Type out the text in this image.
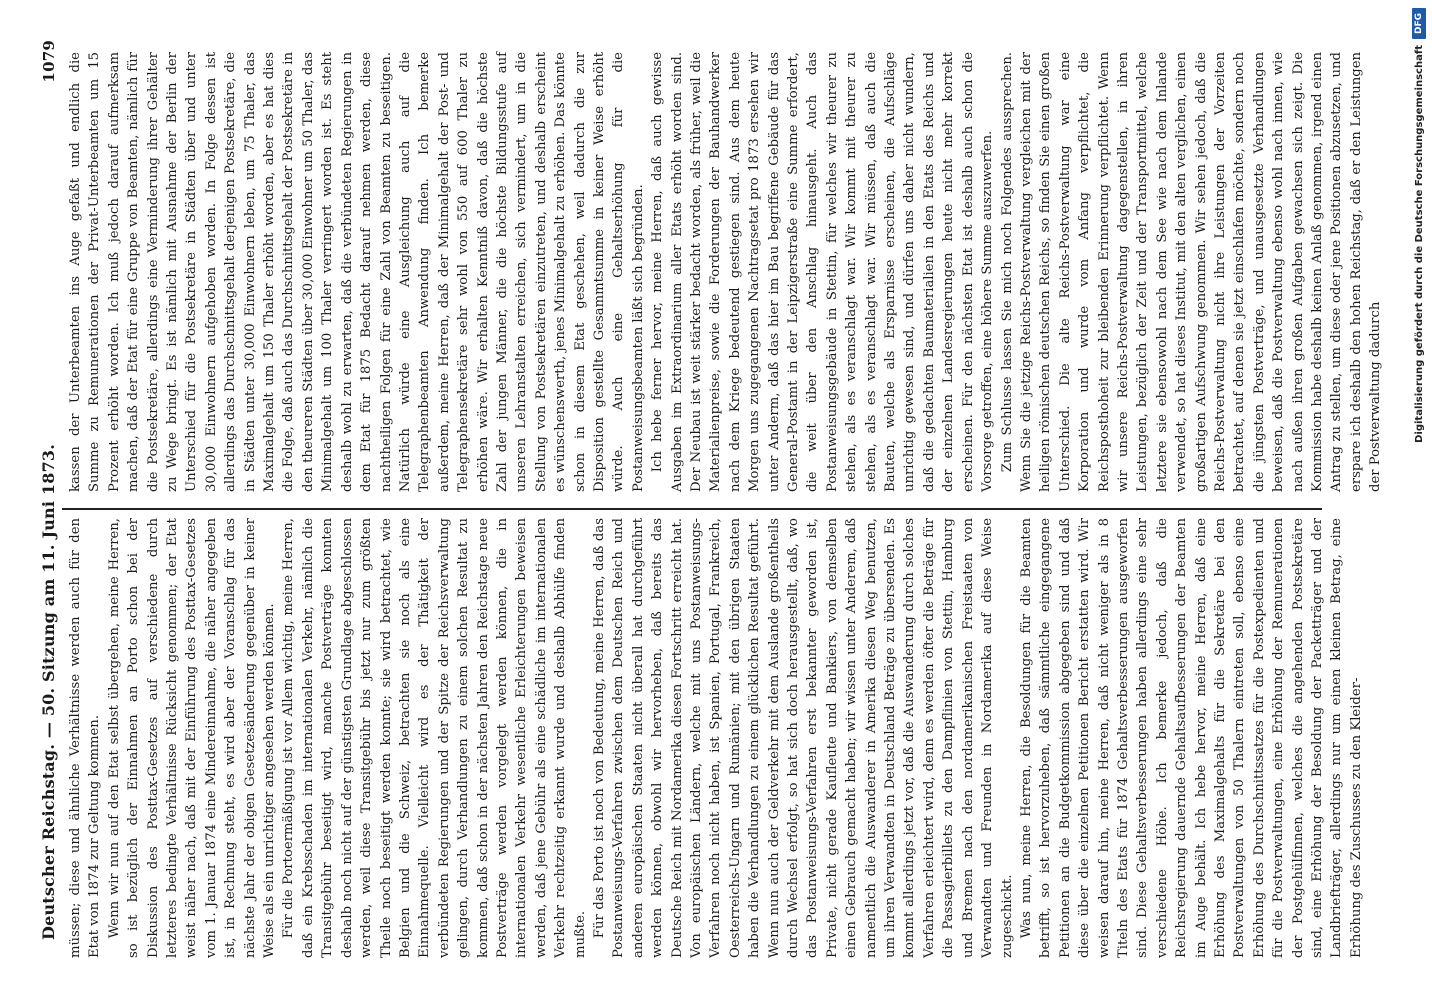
Deutscher Reichstag. — 50. Sitzung am 11. Juni 1873.
1079

müssen; diese und ähnliche Verhältnisse werden auch für den Etat von 1874 zur Geltung kommen. Wenn wir nun auf den Etat selbst übergehen, meine Herren, so ist bezüglich der Einnahmen an Porto schon bei der Diskussion des Posttax-Gesetzes auf verschiedene durch letzteres bedingte Verhältnisse Rücksicht genommen; der Etat weist näher nach, daß mit der Einführung des Posttax-Gesetzes vom 1. Januar 1874 eine Mindereinnahme, die näher angegeben ist, in Rechnung steht, es wird aber der Voranschlag für das nächste Jahr der obigen Gesetzesänderung gegenüber in keiner Weise als ein unrichtiger angesehen werden können. Für die Portoermäßigung ist vor Allem wichtig, meine Herren, daß ein Krebsschaden im internationalen Verkehr, nämlich die Transitgebühr beseitigt wird, manche Postverträge konnten deshalb noch nicht auf der günstigsten Grundlage abgeschlossen werden, weil diese Transitgebühr bis jetzt nur zum größten Theile noch beseitigt werden konnte; sie wird betrachtet, wie Belgien und die Schweiz, betrachten sie noch als eine Einnahmequelle. Vielleicht wird es der Thätigkeit der verbündeten Regierungen und der Spitze der Reichsverwaltung gelingen, durch Verhandlungen zu einem solchen Resultat zu kommen, daß schon in der nächsten Jahren den Reichstage neue Postverträge werden vorgelegt werden können, die in internationalen Verkehr wesentliche Erleichterungen beweisen werden, daß jene Gebühr als eine schädliche im internationalen Verkehr rechtzeitig erkannt wurde und deshalb Abhülfe finden mußte. Für das Porto ist noch von Bedeutung, meine Herren, daß das Postanweisungs-Verfahren zwischen dem Deutschen Reich und anderen europäischen Staaten nicht überall hat durchgeführt werden können, obwohl wir hervorheben, daß bereits das Deutsche Reich mit Nordamerika diesen Fortschritt erreicht hat. Von europäischen Ländern, welche mit uns Postanweisungs-Verfahren noch nicht haben, ist Spanien, Portugal, Frankreich, Oesterreichs-Ungarn und Rumänien; mit den übrigen Staaten haben die Verhandlungen zu einem glücklichen Resultat geführt. Wenn nun auch der Geldverkehr mit dem Auslande großentheils durch Wechsel erfolgt, so hat sich doch herausgestellt, daß, wo das Postanweisungs-Verfahren erst bekannter geworden ist, Private, nicht gerade Kaufleute und Bankiers, von demselben einen Gebrauch gemacht haben; wir wissen unter Anderem, daß namentlich die Auswanderer in Amerika diesen Weg benutzen, um ihren Verwandten in Deutschland Beträge zu übersenden. Es kommt allerdings jetzt vor, daß die Auswanderung durch solches Verfahren erleichtert wird, denn es werden öfter die Beträge für die Passagierbillets zu den Dampflinien von Stettin, Hamburg und Bremen nach den nordamerikanischen Freistaaten von Verwandten und Freunden in Nordamerika auf diese Weise zugeschickt. Was nun, meine Herren, die Besoldungen für die Beamten betrifft, so ist hervorzuheben, daß sämmtliche eingegangene Petitionen an die Budgetkommission abgegeben sind und daß diese über die einzelnen Petitionen Bericht erstatten wird. Wir weisen darauf hin, meine Herren, daß nicht weniger als in 8 Titeln des Etats für 1874 Gehaltsverbesserungen ausgeworfen sind. Diese Gehaltsverbesserungen haben allerdings eine sehr verschiedene Höhe. Ich bemerke jedoch, daß die Reichsregierung dauernde Gehaltsaufbesserungen der Beamten im Auge behält. Ich hebe hervor, meine Herren, daß eine Erhöhung des Maximalgehalts für die Sekretäre bei den Postverwaltungen von 50 Thalern eintreten soll, ebenso eine Erhöhung des Durchschnittssatzes für die Postexpedienten und für die Postverwaltungen, eine Erhöhung der Remunerationen der Postgehülfinnen, welches die angehenden Postsekretäre sind, eine Erhöhung der Besoldung der Packetträger und der Landbriefträger, allerdings nur um einen kleinen Betrag, eine Erhöhung des Zuschusses zu den Kleider-

kassen der Unterbeamten ins Auge gefaßt und endlich die Summe zu Remunerationen der Privat-Unterbeamten um 15 Prozent erhöht worden. Ich muß jedoch darauf aufmerksam machen, daß der Etat für eine Gruppe von Beamten, nämlich für die Postsekretäre, allerdings eine Verminderung ihrer Gehälter zu Wege bringt. Es ist nämlich mit Ausnahme der Berlin der Unterschied für die Postsekretäre in Städten über und unter 30,000 Einwohnern aufgehoben worden. In Folge dessen ist allerdings das Durchschnittsgehalt derjenigen Postsekretäre, die in Städten unter 30,000 Einwohnern leben, um 75 Thaler, das Maximalgehalt um 150 Thaler erhöht worden, aber es hat dies die Folge, daß auch das Durchschnittsgehalt der Postsekretäre in den theureren Städten über 30,000 Einwohner um 50 Thaler, das Minimalgehalt um 100 Thaler verringert worden ist. Es steht deshalb wohl zu erwarten, daß die verbündeten Regierungen in dem Etat für 1875 Bedacht darauf nehmen werden, diese nachtheiligen Folgen für eine Zahl von Beamten zu beseitigen. Natürlich würde eine Ausgleichung auch auf die Telegraphenbeamten Anwendung finden. Ich bemerke außerdem, meine Herren, daß der Minimalgehalt der Post- und Telegraphensekretäre sehr wohl von 550 auf 600 Thaler zu erhöhen wäre. Wir erhalten Kenntniß davon, daß die höchste Zahl der jungen Männer, die die höchste Bildungsstufe auf unseren Lehranstalten erreichen, sich vermindert, um in die Stellung von Postsekretären einzutreten, und deshalb erscheint es wünschenswerth, jenes Minimalgehalt zu erhöhen. Das könnte schon in diesem Etat geschehen, weil dadurch die zur Disposition gestellte Gesammtsumme in keiner Weise erhöht würde. Auch eine Gehaltserhöhung für die Postanweisungsbeamten läßt sich begründen. Ich hebe ferner hervor, meine Herren, daß auch gewisse Ausgaben im Extraordinarium aller Etats erhöht worden sind. Der Neubau ist weit stärker bedacht worden, als früher, weil die Materialienpreise, sowie die Forderungen der Bauhandwerker nach dem Kriege bedeutend gestiegen sind. Aus dem heute Morgen uns zugegangenen Nachtragsetat pro 1873 ersehen wir unter Anderm, daß das hier im Bau begriffene Gebäude für das General-Postamt in der Leipzigerstraße eine Summe erfordert, die weit über den Anschlag hinausgeht. Auch das Postanweisungsgebäude in Stettin, für welches wir theurer zu stehen, als es veranschlagt war. Wir kommt mit theurer zu stehen, als es veranschlagt war. Wir müssen, daß auch die Bauten, welche als Ersparnisse erscheinen, die Aufschläge unrichtig gewesen sind, und dürfen uns daher nicht wundern, daß die gedachten Baumaterialien in den Etats des Reichs und der einzelnen Landesregierungen heute nicht mehr korrekt erscheinen. Für den nächsten Etat ist deshalb auch schon die Vorsorge getroffen, eine höhere Summe auszuwerfen. Zum Schlusse lassen Sie mich noch Folgendes aussprechen. Wenn Sie die jetzige Reichs-Postverwaltung vergleichen mit der heiligen römischen deutschen Reichs, so finden Sie einen großen Unterschied. Die alte Reichs-Postverwaltung war eine Korporation und wurde vom Anfang verpflichtet, die Reichsposthoheit zur bleibenden Erinnerung verpflichtet. Wenn wir unsere Reichs-Postverwaltung dagegenstellen, in ihren Leistungen, bezüglich der Zeit und der Transportmittel, welche letztere sie ebensowohl nach dem See wie nach dem Inlande verwendet, so hat dieses Institut, mit den alten verglichen, einen großartigen Aufschwung genommen. Wir sehen jedoch, daß die Reichs-Postverwaltung nicht ihre Leistungen der Vorzeiten betrachtet, auf denen sie jetzt einschlafen möchte, sondern noch die jüngsten Postverträge, und unausgesetzte Verhandlungen beweisen, daß die Postverwaltung ebenso wohl nach innen, wie nach außen ihren großen Aufgaben gewachsen sich zeigt. Die Kommission habe deshalb keinen Anlaß genommen, irgend einen Antrag zu stellen, um diese oder jene Positionen abzusetzen, und erspare ich deshalb den hohen Reichstag, daß er den Leistungen der Postverwaltung dadurch	Digitalisierung gefördert durch die Deutsche Forschungsgemeinschaft
DFG
